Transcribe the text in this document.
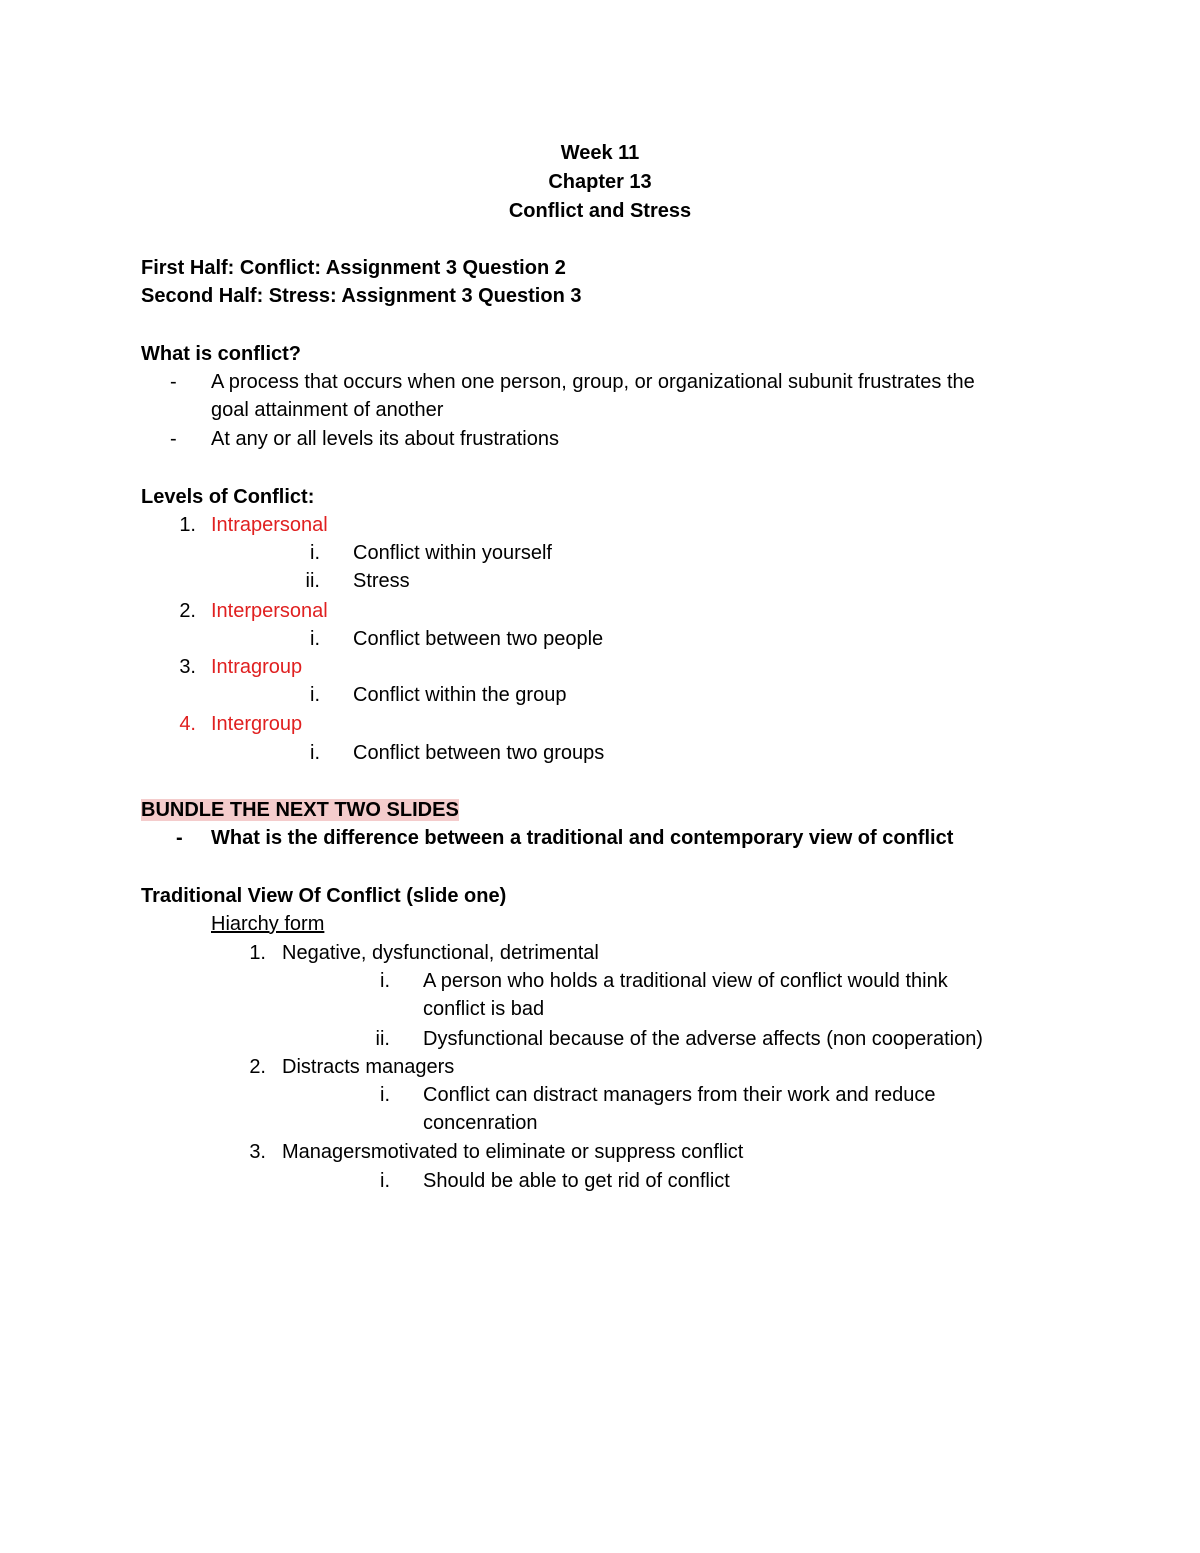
Week 11
Chapter 13
Conflict and Stress
First Half: Conflict: Assignment 3 Question 2
Second Half: Stress: Assignment 3 Question 3
What is conflict?
-	A process that occurs when one person, group, or organizational subunit frustrates the
goal attainment of another
-	At any or all levels its about frustrations
Levels of Conflict:
1. Intrapersonal
i. Conflict within yourself
ii. Stress
2. Interpersonal
i. Conflict between two people
3. Intragroup
i. Conflict within the group
4. Intergroup
i. Conflict between two groups
BUNDLE THE NEXT TWO SLIDES
-	What is the difference between a traditional and contemporary view of conflict
Traditional View Of Conflict (slide one)
Hiarchy form
1. Negative, dysfunctional, detrimental
i. A person who holds a traditional view of conflict would think
conflict is bad
ii. Dysfunctional because of the adverse affects (non cooperation)
2. Distracts managers
i. Conflict can distract managers from their work and reduce
concenration
3. Managersmotivated to eliminate or suppress conflict
i. Should be able to get rid of conflict
